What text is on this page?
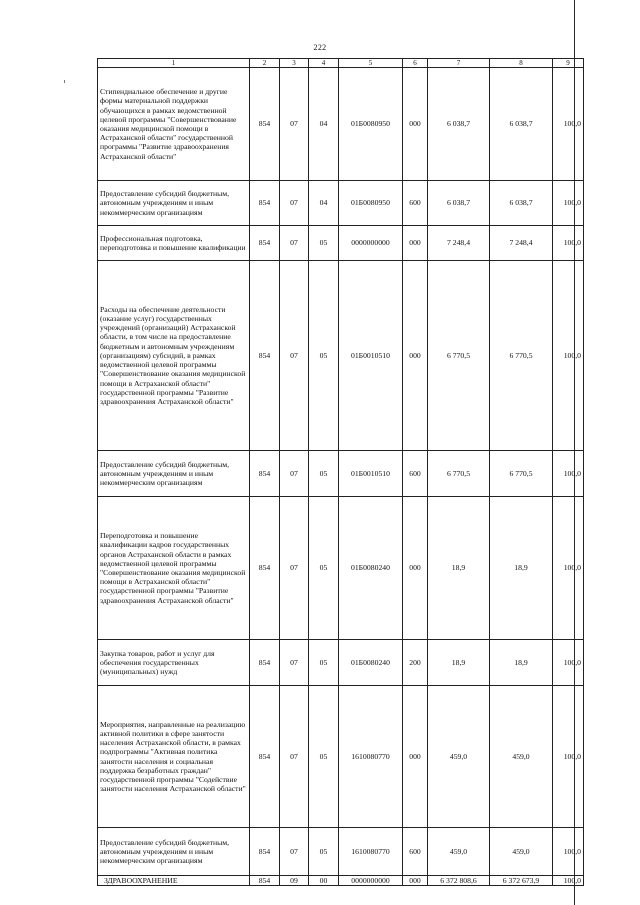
222
1	2	3	4	5	6	7	8	9
Стипендиальное обеспечение и другие формы материальной поддержки обучающихся в рамках ведомственной целевой программы "Совершенствование оказания медицинской помощи в Астраханской области" государственной программы "Развитие здравоохранения Астраханской области"	854	07	04	01Б0080950	000	6 038,7	6 038,7	100,0
Предоставление субсидий бюджетным, автономным учреждениям и иным некоммерческим организациям	854	07	04	01Б0080950	600	6 038,7	6 038,7	100,0
Профессиональная подготовка, переподготовка и повышение квалификации	854	07	05	0000000000	000	7 248,4	7 248,4	100,0
Расходы на обеспечение деятельности (оказание услуг) государственных учреждений (организаций) Астраханской области, в том числе на предоставление бюджетным и автономным учреждениям (организациям) субсидий, в рамках ведомственной целевой программы "Совершенствование оказания медицинской помощи в Астраханской области" государственной программы "Развитие здравоохранения Астраханской области"	854	07	05	01Б0010510	000	6 770,5	6 770,5	100,0
Предоставление субсидий бюджетным, автономным учреждениям и иным некоммерческим организациям	854	07	05	01Б0010510	600	6 770,5	6 770,5	100,0
Переподготовка и повышение квалификации кадров государственных органов Астраханской области в рамках ведомственной целевой программы "Совершенствование оказания медицинской помощи в Астраханской области" государственной программы "Развитие здравоохранения Астраханской области"	854	07	05	01Б0080240	000	18,9	18,9	100,0
Закупка товаров, работ и услуг для обеспечения государственных (муниципальных) нужд	854	07	05	01Б0080240	200	18,9	18,9	100,0
Мероприятия, направленные на реализацию активной политики в сфере занятости населения Астраханской области, в рамках подпрограммы "Активная политика занятости населения и социальная поддержка безработных граждан" государственной программы "Содействие занятости населения Астраханской области"	854	07	05	1610080770	000	459,0	459,0	100,0
Предоставление субсидий бюджетным, автономным учреждениям и иным некоммерческим организациям	854	07	05	1610080770	600	459,0	459,0	100,0
ЗДРАВООХРАНЕНИЕ	854	09	00	0000000000	000	6 372 808,6	6 372 673,9	100,0
